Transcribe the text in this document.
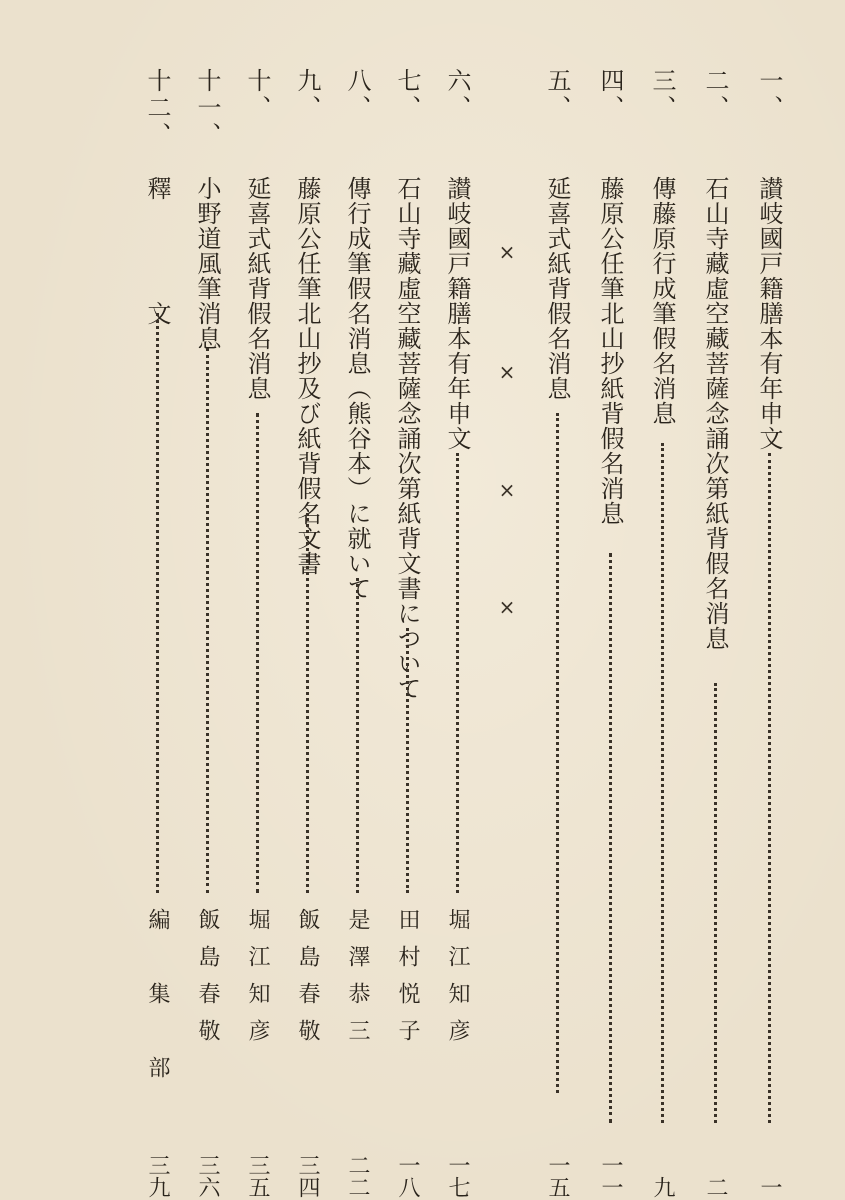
一、
讃岐國戸籍膳本有年申文
一
二、
石山寺藏虛空藏菩薩念誦次第紙背假名消息
二
三、
傳藤原行成筆假名消息
九
四、
藤原公任筆北山抄紙背假名消息
一一
五、
延喜式紙背假名消息
一五
×
×
×
×
六、
讃岐國戸籍膳本有年申文
堀江知彦
一七
七、
石山寺藏虛空藏菩薩念誦次第紙背文書について
田村悦子
一八
八、
傳行成筆假名消息（熊谷本）に就いて
是澤恭三
二二
九、
藤原公任筆北山抄及び紙背假名文書
飯島春敬
三四
十、
延喜式紙背假名消息
堀江知彦
三五
十一、
小野道風筆消息
飯島春敬
三六
十二、
釋　　　　文
編　集　部
三九
